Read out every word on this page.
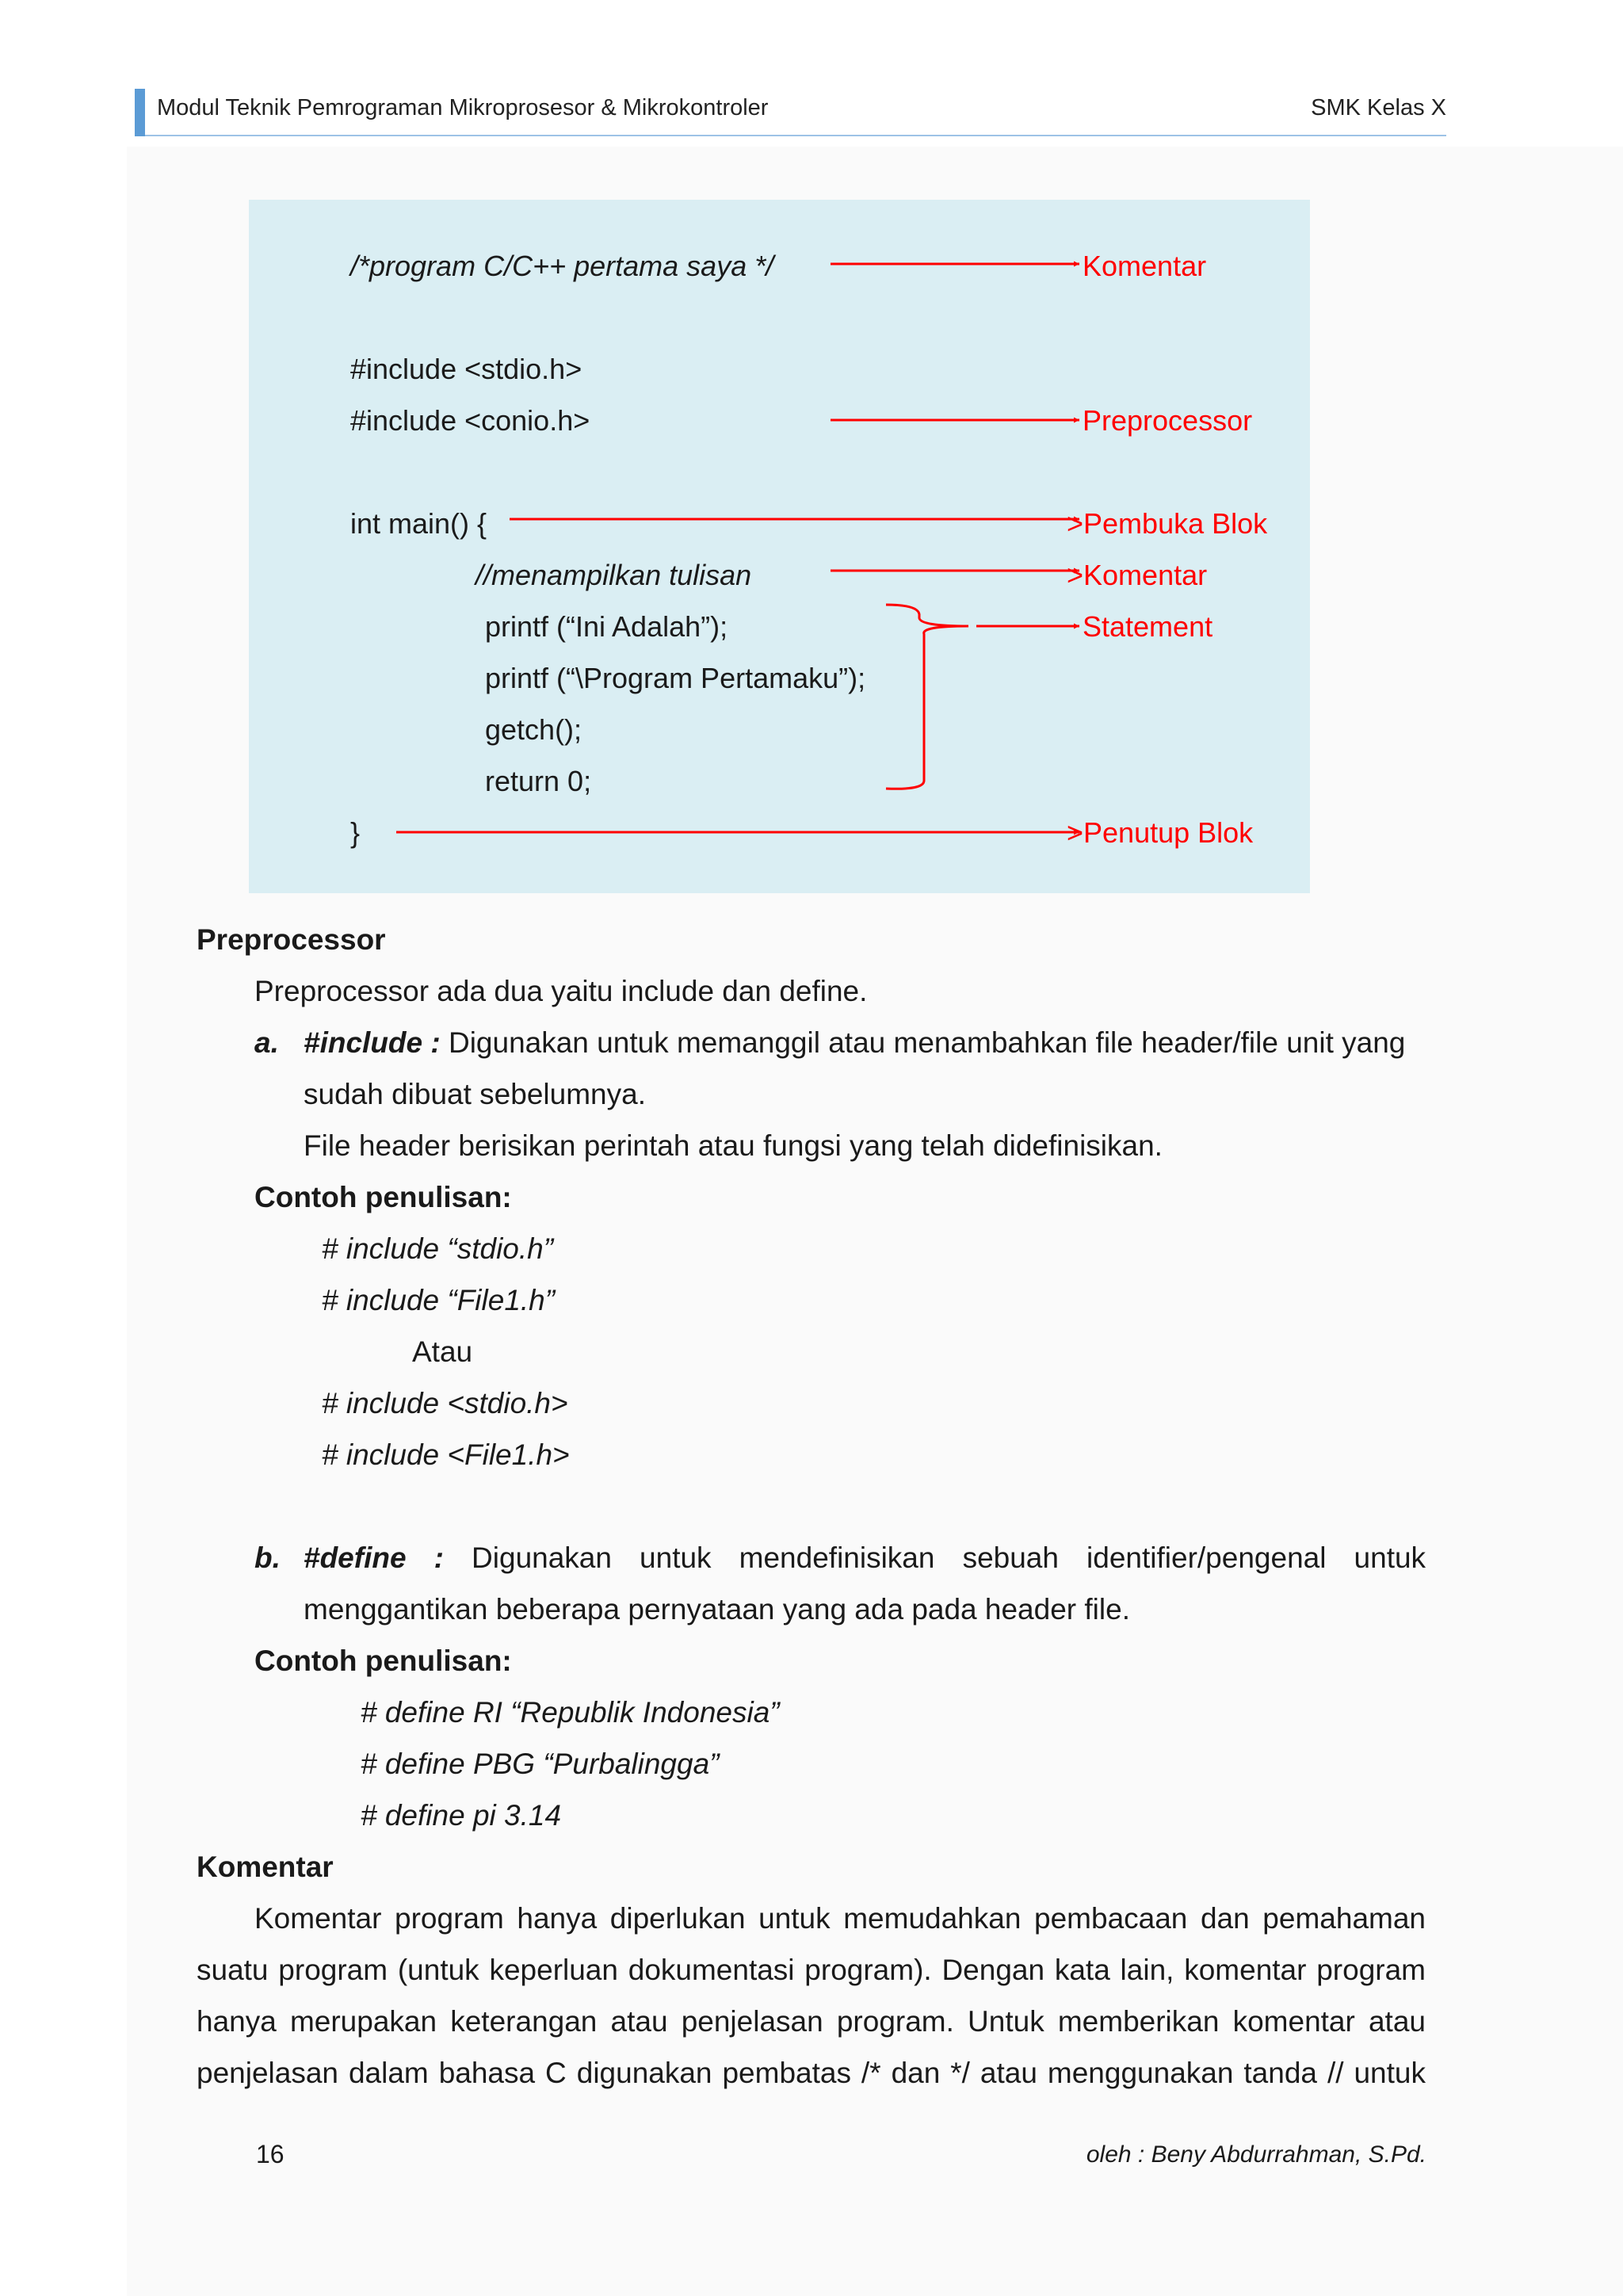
Modul Teknik Pemrograman Mikroprosesor & Mikrokontroler	SMK Kelas X
/*program C/C++ pertama saya */
#include <stdio.h>
#include <conio.h>
int main() {
//menampilkan tulisan
printf (“Ini Adalah”);
printf (“\Program Pertamaku”);
getch();
return 0;
}
Komentar
Preprocessor
>Pembuka Blok
>Komentar
Statement
>Penutup Blok
Preprocessor
Preprocessor ada dua yaitu include dan define.
a. #include : Digunakan untuk memanggil atau menambahkan file header/file unit yang
sudah dibuat sebelumnya.
File header berisikan perintah atau fungsi yang telah didefinisikan.
Contoh penulisan:
# include “stdio.h”
# include “File1.h”
Atau
# include <stdio.h>
# include <File1.h>
b. #define : Digunakan untuk mendefinisikan sebuah identifier/pengenal untuk
menggantikan beberapa pernyataan yang ada pada header file.
Contoh penulisan:
# define RI “Republik Indonesia”
# define PBG “Purbalingga”
# define pi 3.14
Komentar
Komentar program hanya diperlukan untuk memudahkan pembacaan dan pemahaman
suatu program (untuk keperluan dokumentasi program). Dengan kata lain, komentar program
hanya merupakan keterangan atau penjelasan program. Untuk memberikan komentar atau
penjelasan dalam bahasa C digunakan pembatas /* dan */ atau menggunakan tanda // untuk
16	oleh : Beny Abdurrahman, S.Pd.
